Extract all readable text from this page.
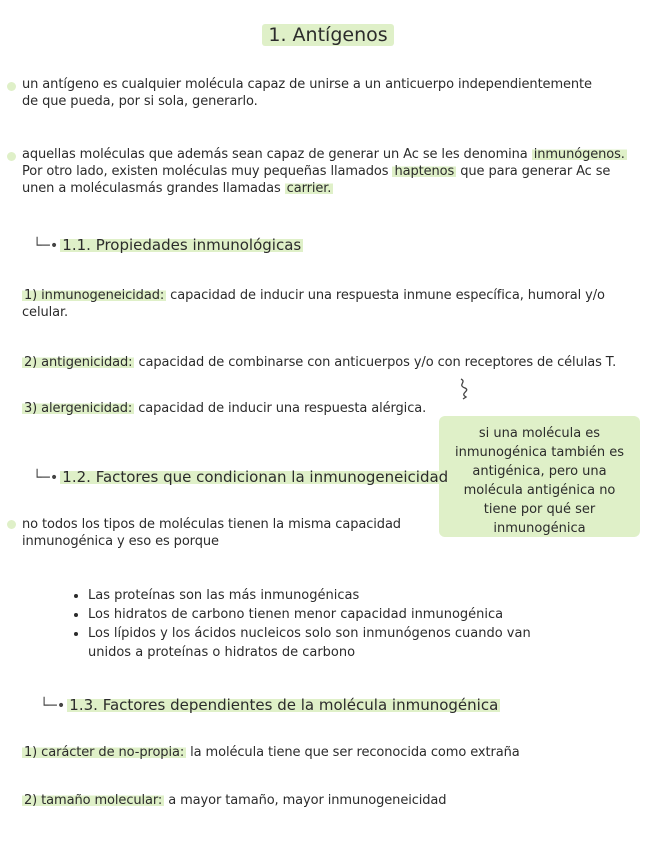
1. Antígenos
un antígeno es cualquier molécula capaz de unirse a un anticuerpo independientemente de que pueda, por si sola, generarlo.
aquellas moléculas que además sean capaz de generar un Ac se les denomina inmunógenos. Por otro lado, existen moléculas muy pequeñas llamados haptenos que para generar Ac se unen a moléculasmás grandes llamadas carrier.
└─• 1.1. Propiedades inmunológicas
1) inmunogeneicidad: capacidad de inducir una respuesta inmune específica, humoral y/o celular.
2) antigenicidad: capacidad de combinarse con anticuerpos y/o con receptores de células T.
3) alergenicidad: capacidad de inducir una respuesta alérgica.
si una molécula es inmunogénica también es antigénica, pero una molécula antigénica no tiene por qué ser inmunogénica
└─• 1.2. Factores que condicionan la inmunogeneicidad
no todos los tipos de moléculas tienen la misma capacidad inmunogénica y eso es porque
• Las proteínas son las más inmunogénicas
• Los hidratos de carbono tienen menor capacidad inmunogénica
• Los lípidos y los ácidos nucleicos solo son inmunógenos cuando van unidos a proteínas o hidratos de carbono
└─• 1.3. Factores dependientes de la molécula inmunogénica
1) carácter de no-propia: la molécula tiene que ser reconocida como extraña
2) tamaño molecular: a mayor tamaño, mayor inmunogeneicidad
